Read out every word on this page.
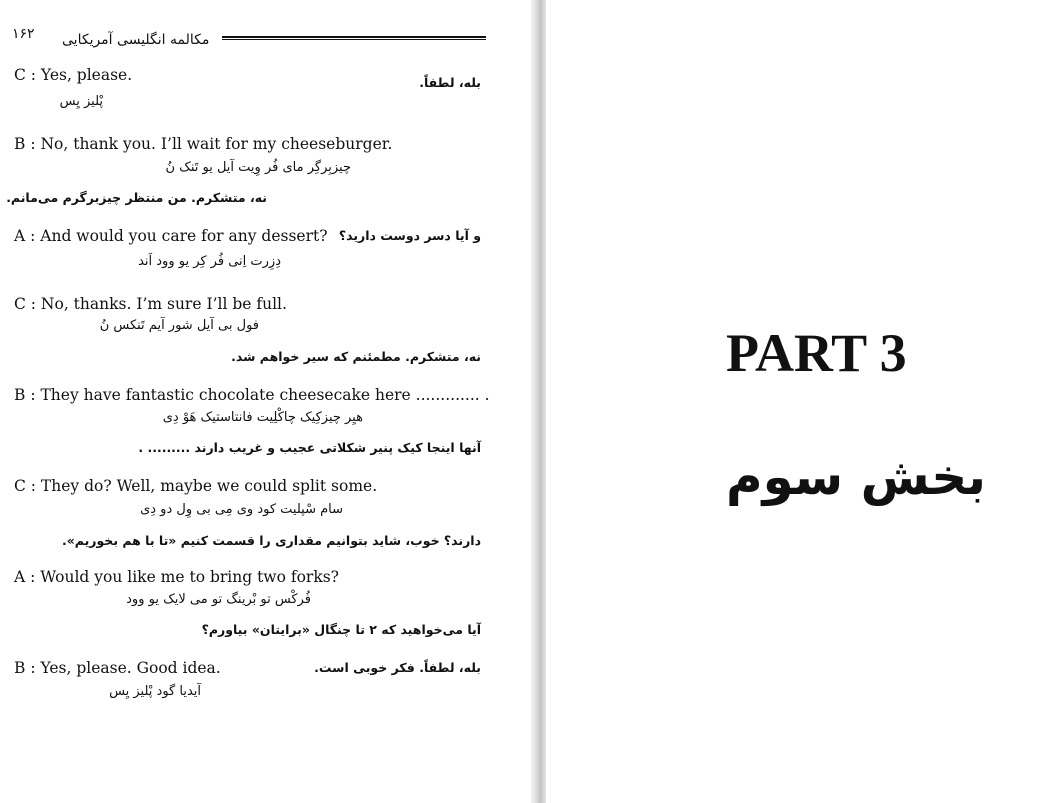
۱۶۲ مکالمه انگلیسی آمریکایی
C : Yes, please.
پْلیز یِس
بله، لطفاً.
B : No, thank you. I’ll wait for my cheeseburger.
چیزبِرگِر مای فُر وِیت آیل یو تَنک نُ
نه، متشکرم. من منتظر چیزبرگرم می‌مانم.
A : And would you care for any dessert?
دِزِرت اِنی فُر کِر یو وود اَند
و آیا دسر دوست دارید؟
C : No, thanks. I’m sure I’ll be full.
فول بی آیل شور آیم تَنکس نُ
نه، متشکرم. مطمئنم که سیر خواهم شد.
B : They have fantastic chocolate cheesecake here ............. .
هیِر چیزکِیک چاکْلِیت فانتاستیک هَوْ دِی
آنها اینجا کیک پنیر شکلاتی عجیب و غریب دارند ......... .
C : They do? Well, maybe we could split some.
سام سْپلیت کود وی مِی بی وِل دو دِی
دارند؟ خوب، شاید بتوانیم مقداری را قسمت کنیم «تا با هم بخوریم».
A : Would you like me to bring two forks?
فُرکْس تو بْرینگ تو می لایک یو وود
آیا می‌خواهید که ۲ تا چنگال «برایتان» بیاورم؟
B : Yes, please. Good idea.
آیدیا گود پْلیز یِس
بله، لطفاً. فکر خوبی است.
PART 3
بخش سوم
